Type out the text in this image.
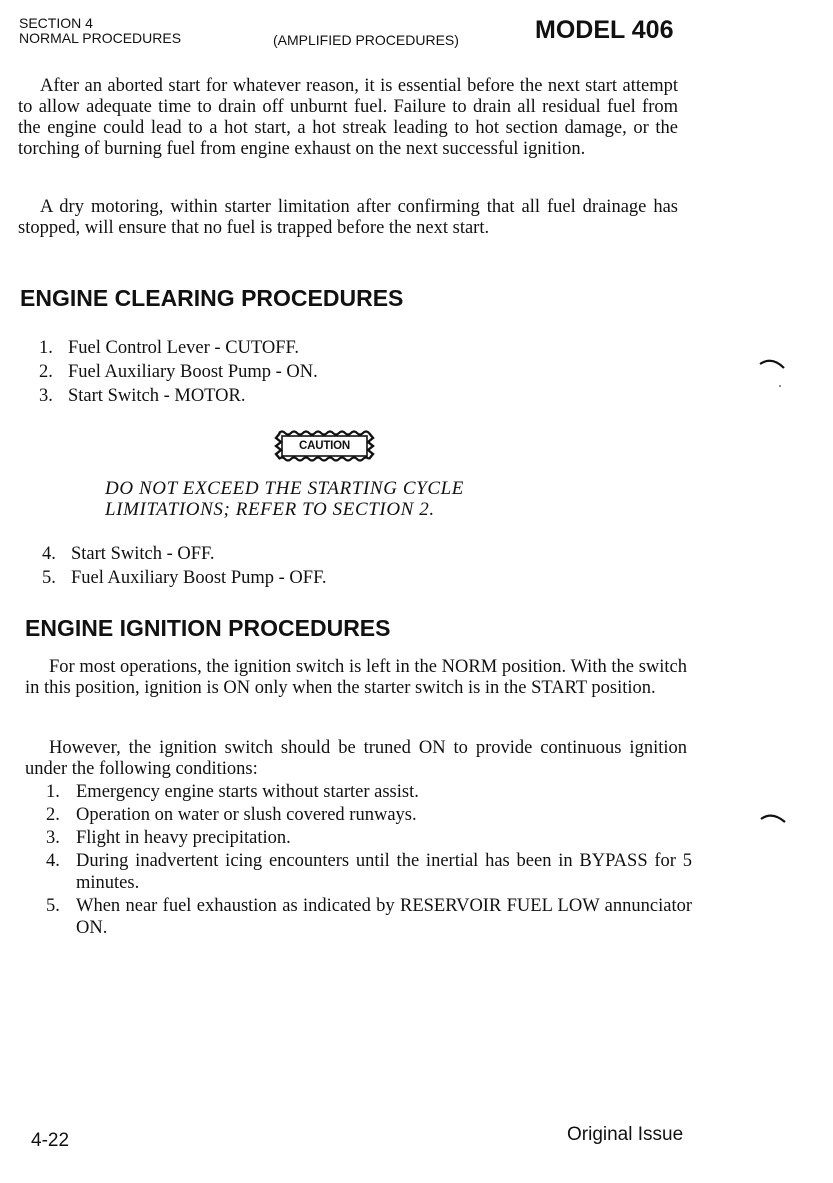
SECTION 4
NORMAL PROCEDURES	(AMPLIFIED PROCEDURES)	MODEL 406

After an aborted start for whatever reason, it is essential before the next start attempt to allow adequate time to drain off unburnt fuel. Failure to drain all residual fuel from the engine could lead to a hot start, a hot streak leading to hot section damage, or the torching of burning fuel from engine exhaust on the next successful ignition.

A dry motoring, within starter limitation after confirming that all fuel drainage has stopped, will ensure that no fuel is trapped before the next start.

ENGINE CLEARING PROCEDURES
1. Fuel Control Lever - CUTOFF.
2. Fuel Auxiliary Boost Pump - ON.
3. Start Switch - MOTOR.
CAUTION
DO NOT EXCEED THE STARTING CYCLE
LIMITATIONS; REFER TO SECTION 2.
4. Start Switch - OFF.
5. Fuel Auxiliary Boost Pump - OFF.
ENGINE IGNITION PROCEDURES

For most operations, the ignition switch is left in the NORM position. With the switch in this position, ignition is ON only when the starter switch is in the START position.

However, the ignition switch should be truned ON to provide continuous ignition under the following conditions:

1. Emergency engine starts without starter assist.
2. Operation on water or slush covered runways.
3. Flight in heavy precipitation.
4. During inadvertent icing encounters until the inertial has been in BYPASS for 5 minutes.
5. When near fuel exhaustion as indicated by RESERVOIR FUEL LOW annunciator ON.
4-22	Original Issue
